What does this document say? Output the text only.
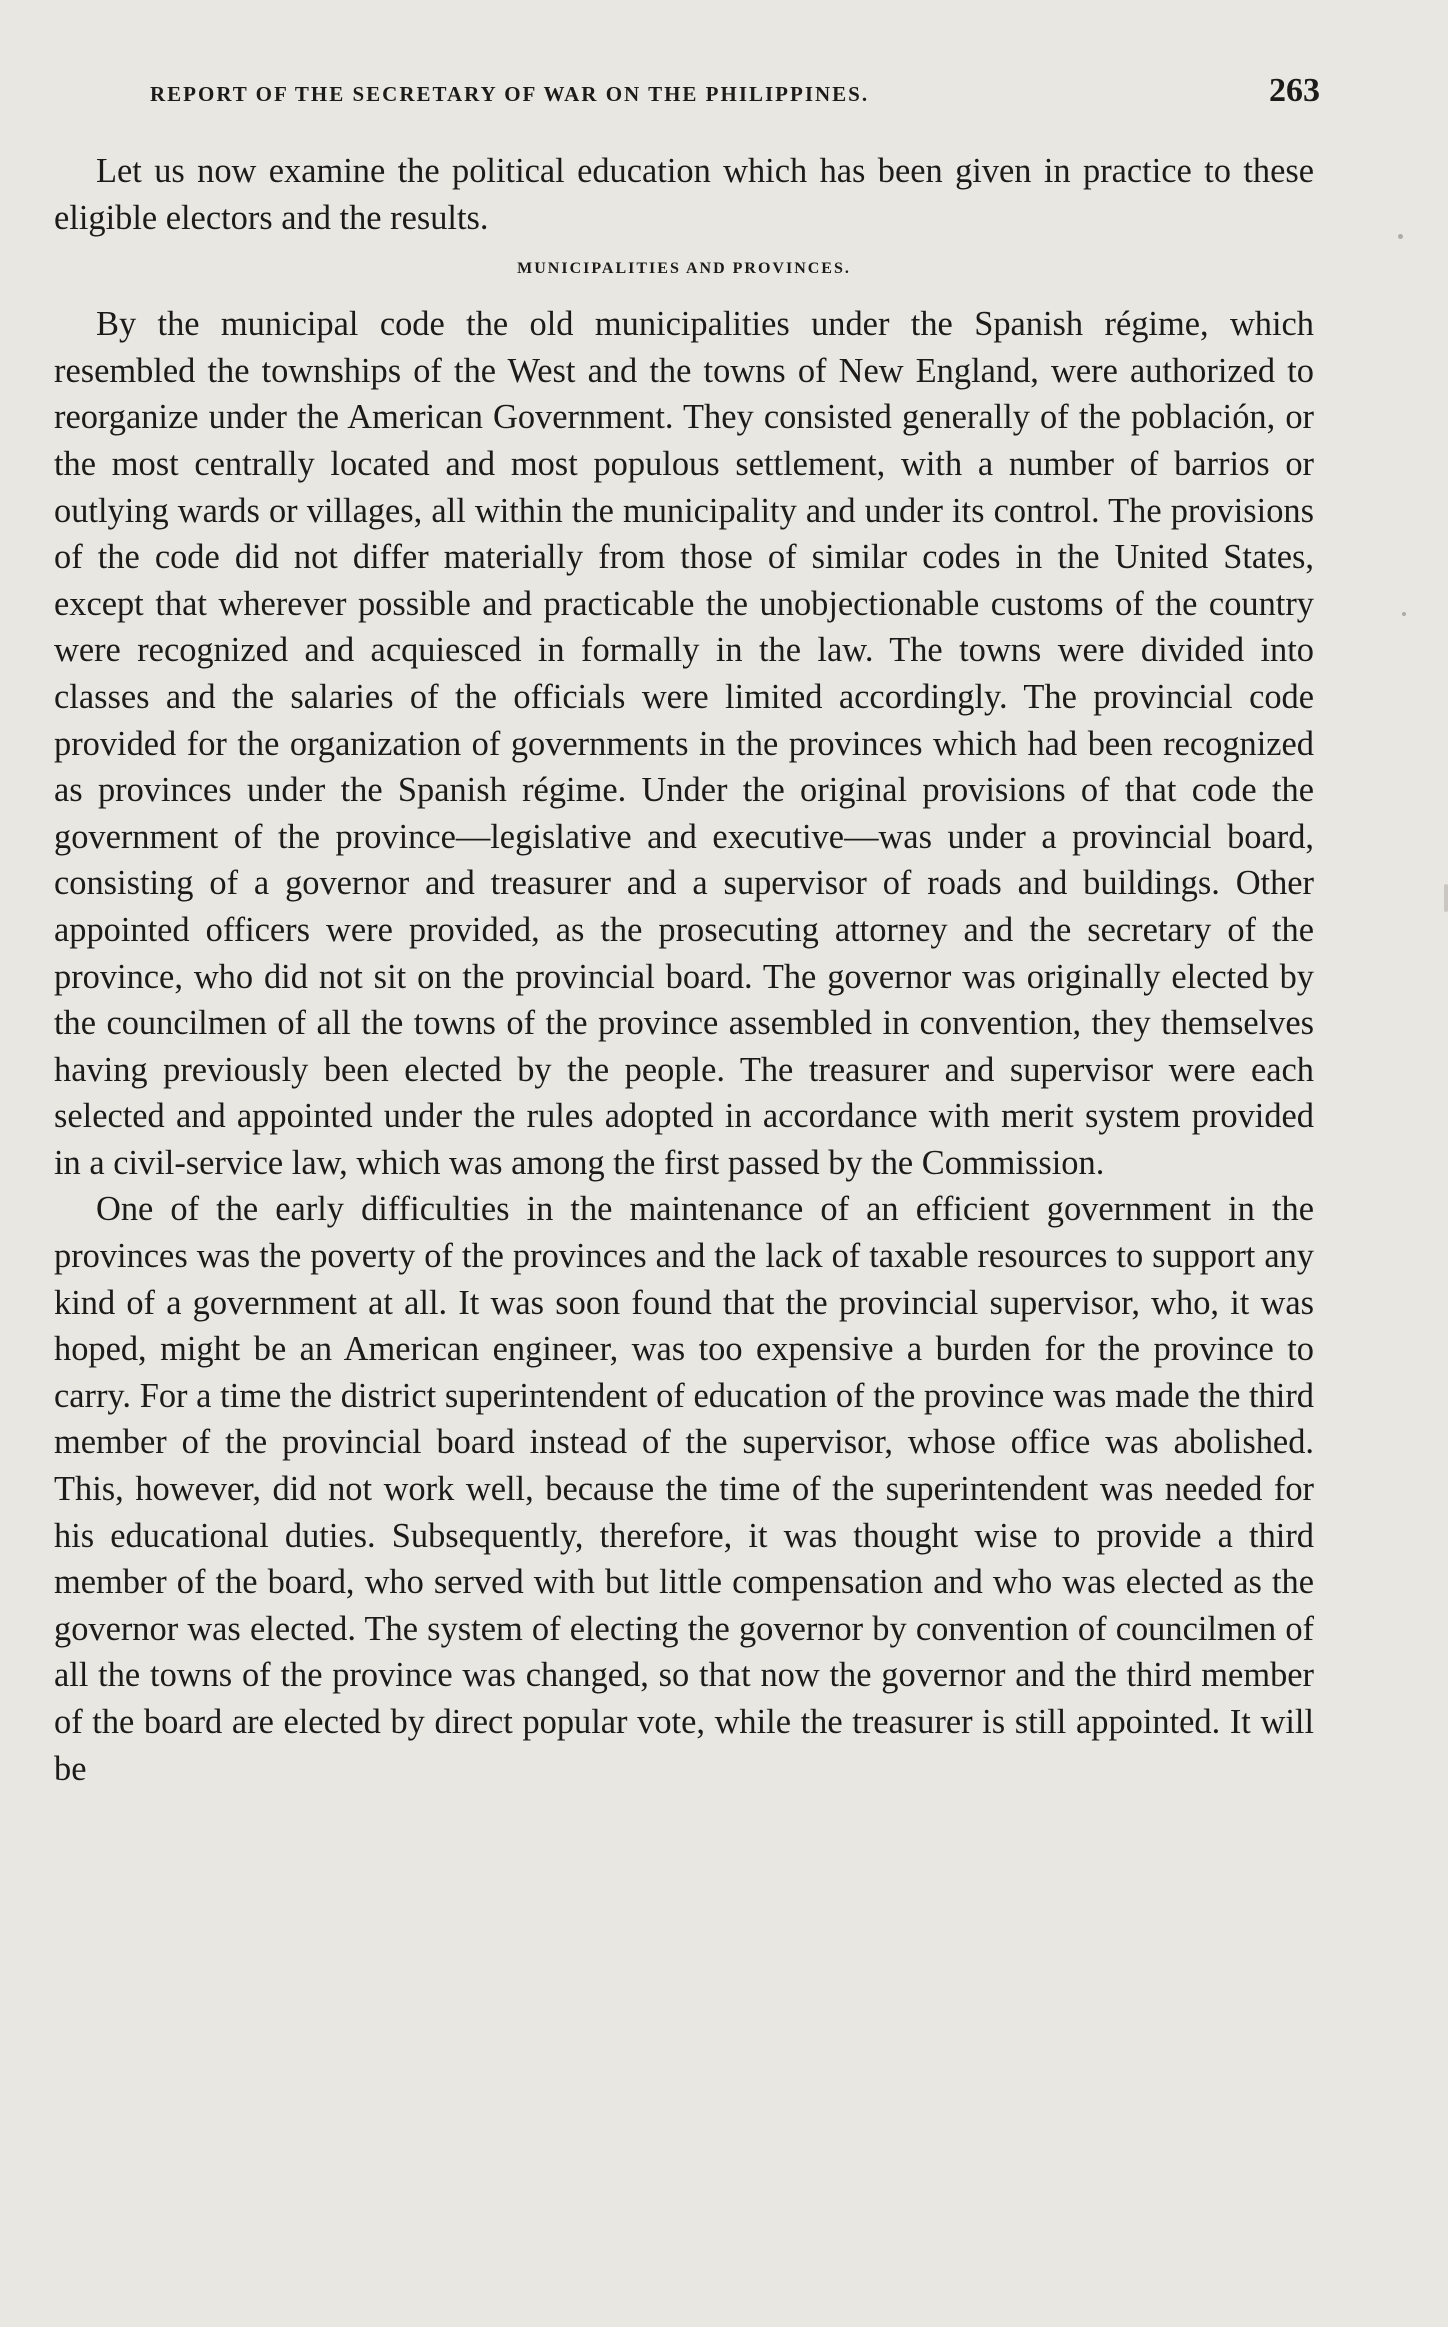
REPORT OF THE SECRETARY OF WAR ON THE PHILIPPINES.	263

Let us now examine the political education which has been given in practice to these eligible electors and the results.

MUNICIPALITIES AND PROVINCES.

By the municipal code the old municipalities under the Spanish régime, which resembled the townships of the West and the towns of New England, were authorized to reorganize under the American Government. They consisted generally of the población, or the most centrally located and most populous settlement, with a number of barrios or outlying wards or villages, all within the municipality and under its control. The provisions of the code did not differ materially from those of similar codes in the United States, except that wherever possible and practicable the unobjectionable customs of the country were recognized and acquiesced in formally in the law. The towns were divided into classes and the salaries of the officials were limited accordingly. The provincial code provided for the organization of governments in the provinces which had been recognized as provinces under the Spanish régime. Under the original provisions of that code the government of the province—legislative and executive—was under a provincial board, consisting of a governor and treasurer and a supervisor of roads and buildings. Other appointed officers were provided, as the prosecuting attorney and the secretary of the province, who did not sit on the provincial board. The governor was originally elected by the councilmen of all the towns of the province assembled in convention, they themselves having previously been elected by the people. The treasurer and supervisor were each selected and appointed under the rules adopted in accordance with merit system provided in a civil-service law, which was among the first passed by the Commission.

One of the early difficulties in the maintenance of an efficient government in the provinces was the poverty of the provinces and the lack of taxable resources to support any kind of a government at all. It was soon found that the provincial supervisor, who, it was hoped, might be an American engineer, was too expensive a burden for the province to carry. For a time the district superintendent of education of the province was made the third member of the provincial board instead of the supervisor, whose office was abolished. This, however, did not work well, because the time of the superintendent was needed for his educational duties. Subsequently, therefore, it was thought wise to provide a third member of the board, who served with but little compensation and who was elected as the governor was elected. The system of electing the governor by convention of councilmen of all the towns of the province was changed, so that now the governor and the third member of the board are elected by direct popular vote, while the treasurer is still appointed. It will be
